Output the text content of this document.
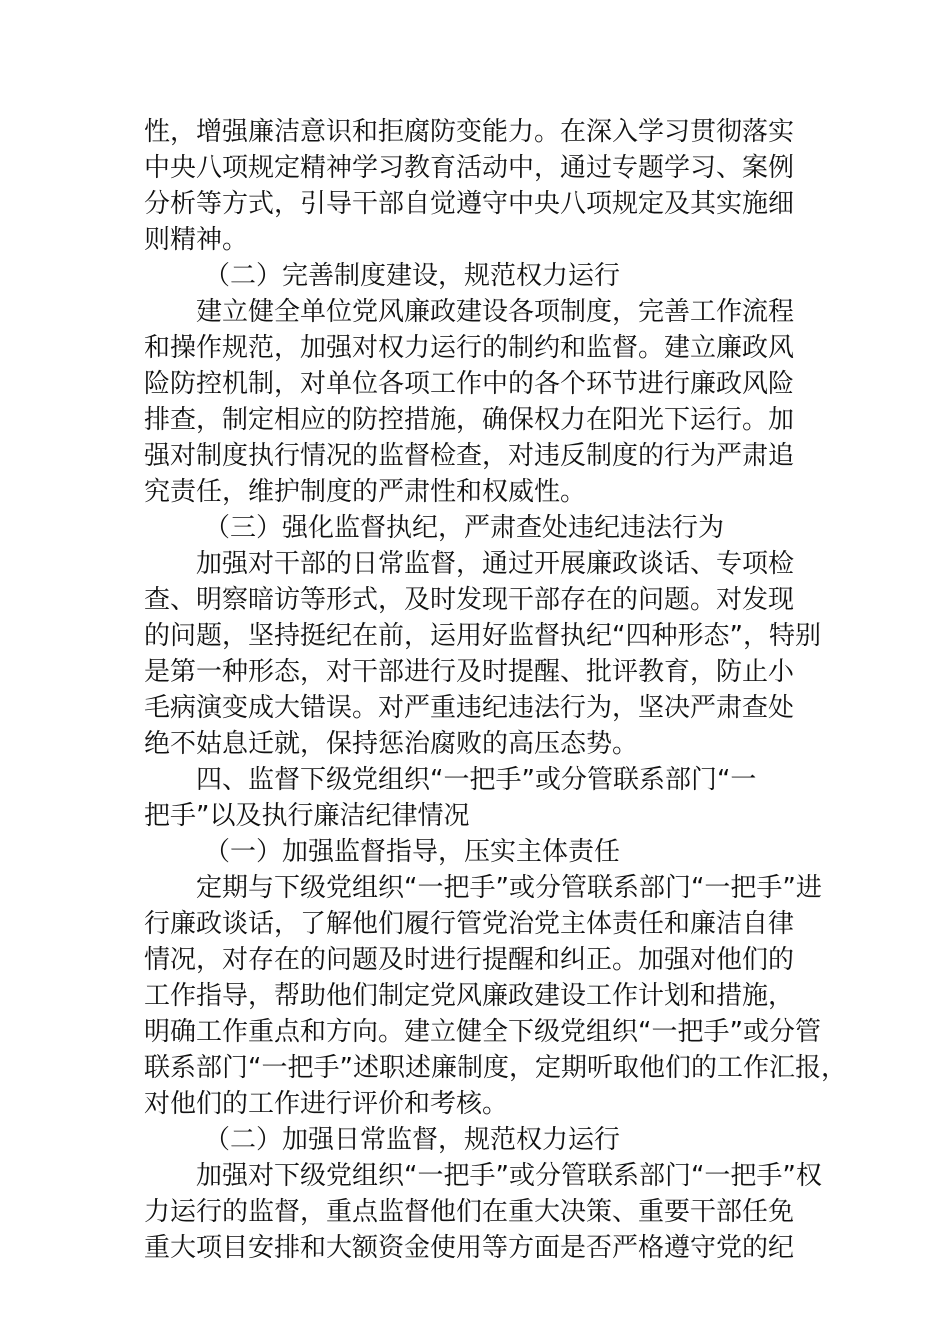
性，增强廉洁意识和拒腐防变能力。在深入学习贯彻落实
中央八项规定精神学习教育活动中，通过专题学习、案例
分析等方式，引导干部自觉遵守中央八项规定及其实施细
则精神。
（二）完善制度建设，规范权力运行
建立健全单位党风廉政建设各项制度，完善工作流程
和操作规范，加强对权力运行的制约和监督。建立廉政风
险防控机制，对单位各项工作中的各个环节进行廉政风险
排查，制定相应的防控措施，确保权力在阳光下运行。加
强对制度执行情况的监督检查，对违反制度的行为严肃追
究责任，维护制度的严肃性和权威性。
（三）强化监督执纪，严肃查处违纪违法行为
加强对干部的日常监督，通过开展廉政谈话、专项检
查、明察暗访等形式，及时发现干部存在的问题。对发现
的问题，坚持挺纪在前，运用好监督执纪“四种形态”，特别
是第一种形态，对干部进行及时提醒、批评教育，防止小
毛病演变成大错误。对严重违纪违法行为，坚决严肃查处
绝不姑息迁就，保持惩治腐败的高压态势。
四、监督下级党组织“一把手”或分管联系部门“一
把手”以及执行廉洁纪律情况
（一）加强监督指导，压实主体责任
定期与下级党组织“一把手”或分管联系部门“一把手”进
行廉政谈话，了解他们履行管党治党主体责任和廉洁自律
情况，对存在的问题及时进行提醒和纠正。加强对他们的
工作指导，帮助他们制定党风廉政建设工作计划和措施，
明确工作重点和方向。建立健全下级党组织“一把手”或分管
联系部门“一把手”述职述廉制度，定期听取他们的工作汇报，
对他们的工作进行评价和考核。
（二）加强日常监督，规范权力运行
加强对下级党组织“一把手”或分管联系部门“一把手”权
力运行的监督，重点监督他们在重大决策、重要干部任免
重大项目安排和大额资金使用等方面是否严格遵守党的纪
